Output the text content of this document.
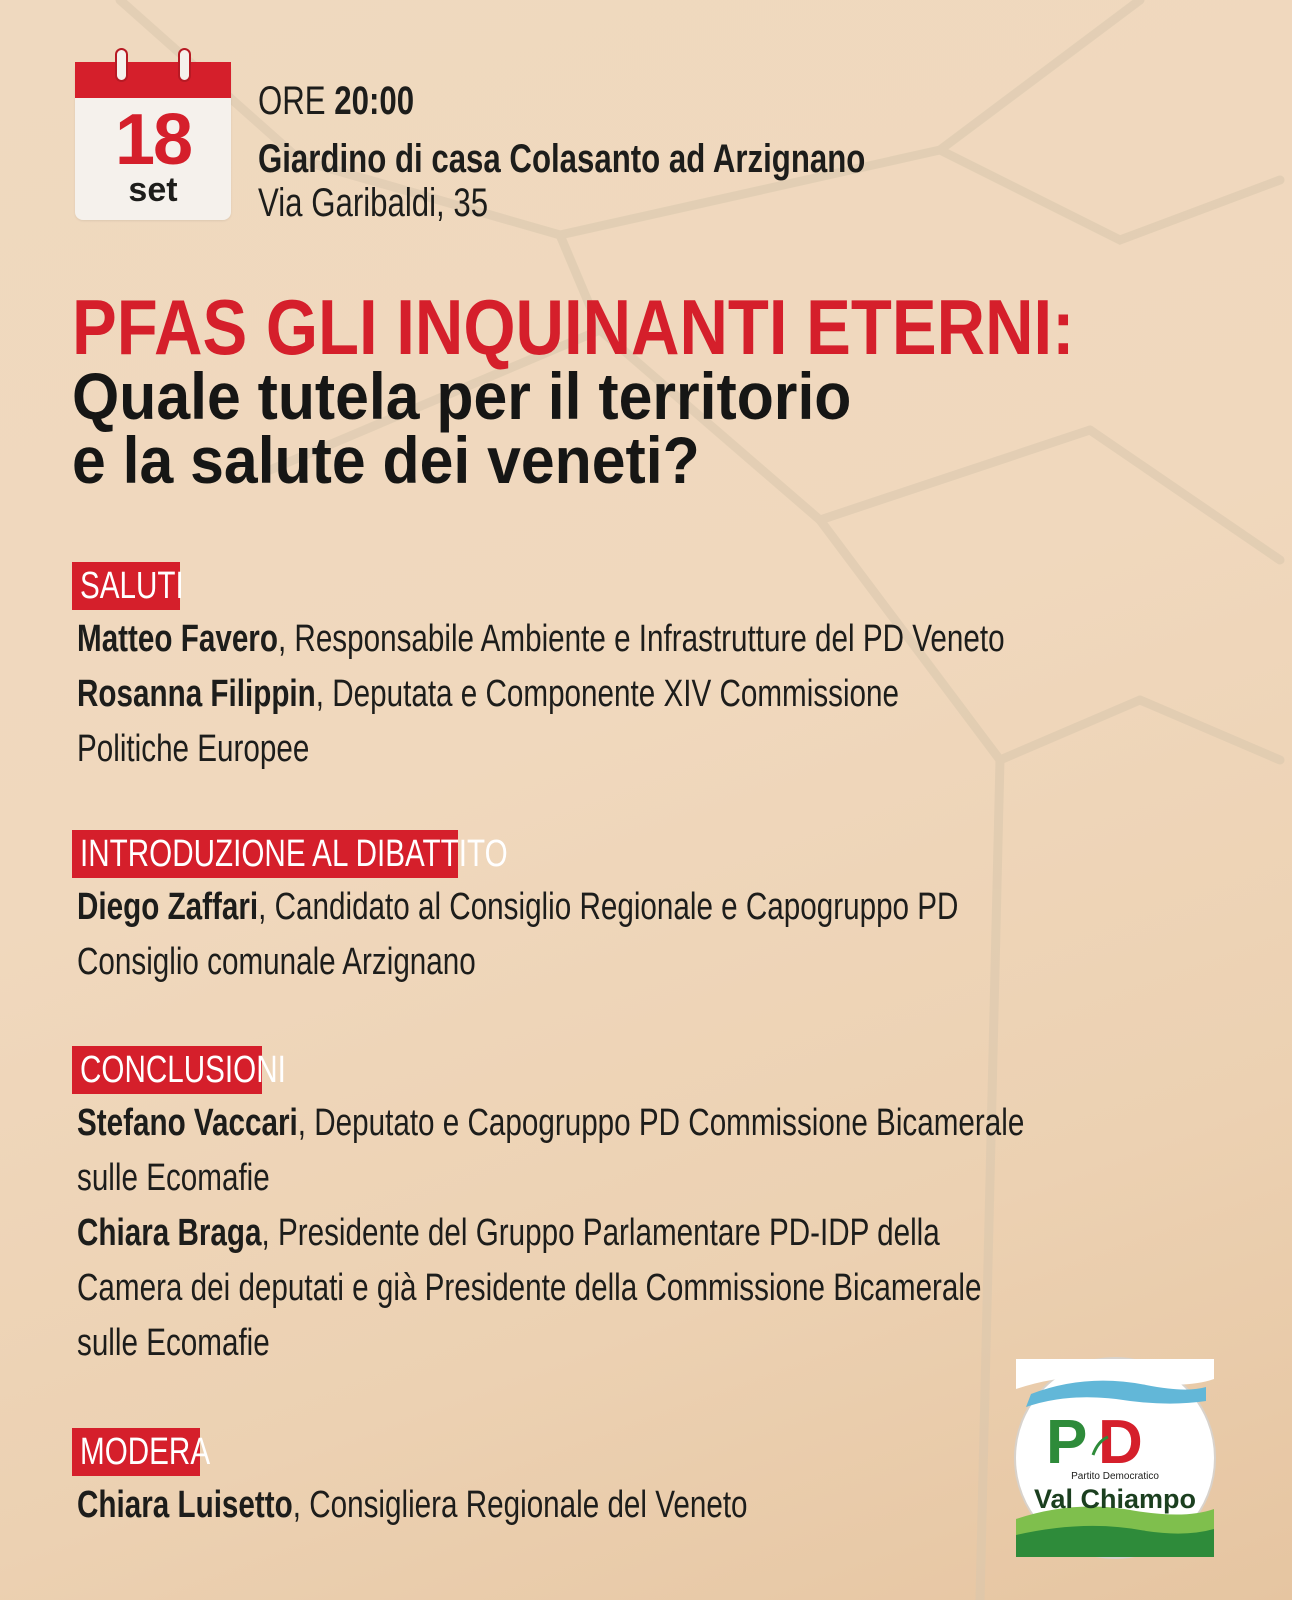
18
set
ORE 20:00
Giardino di casa Colasanto ad Arzignano
Via Garibaldi, 35
PFAS GLI INQUINANTI ETERNI:
Quale tutela per il territorio
e la salute dei veneti?
SALUTI
Matteo Favero, Responsabile Ambiente e Infrastrutture del PD Veneto
Rosanna Filippin, Deputata e Componente XIV Commissione
Politiche Europee
INTRODUZIONE AL DIBATTITO
Diego Zaffari, Candidato al Consiglio Regionale e Capogruppo PD
Consiglio comunale Arzignano
CONCLUSIONI
Stefano Vaccari, Deputato e Capogruppo PD Commissione Bicamerale
sulle Ecomafie
Chiara Braga, Presidente del Gruppo Parlamentare PD-IDP della
Camera dei deputati e già Presidente della Commissione Bicamerale
sulle Ecomafie
MODERA
Chiara Luisetto, Consigliera Regionale del Veneto
P D
Partito Democratico
Val Chiampo
